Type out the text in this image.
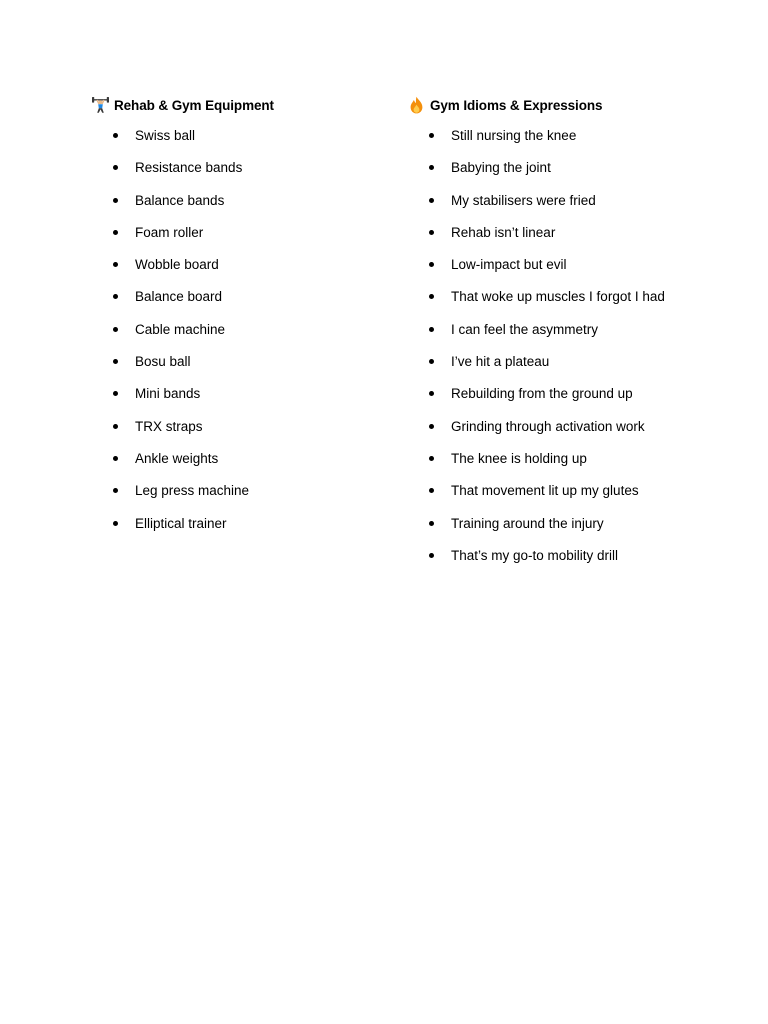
Rehab & Gym Equipment
Swiss ball
Resistance bands
Balance bands
Foam roller
Wobble board
Balance board
Cable machine
Bosu ball
Mini bands
TRX straps
Ankle weights
Leg press machine
Elliptical trainer
Gym Idioms & Expressions
Still nursing the knee
Babying the joint
My stabilisers were fried
Rehab isn’t linear
Low-impact but evil
That woke up muscles I forgot I had
I can feel the asymmetry
I’ve hit a plateau
Rebuilding from the ground up
Grinding through activation work
The knee is holding up
That movement lit up my glutes
Training around the injury
That’s my go-to mobility drill
